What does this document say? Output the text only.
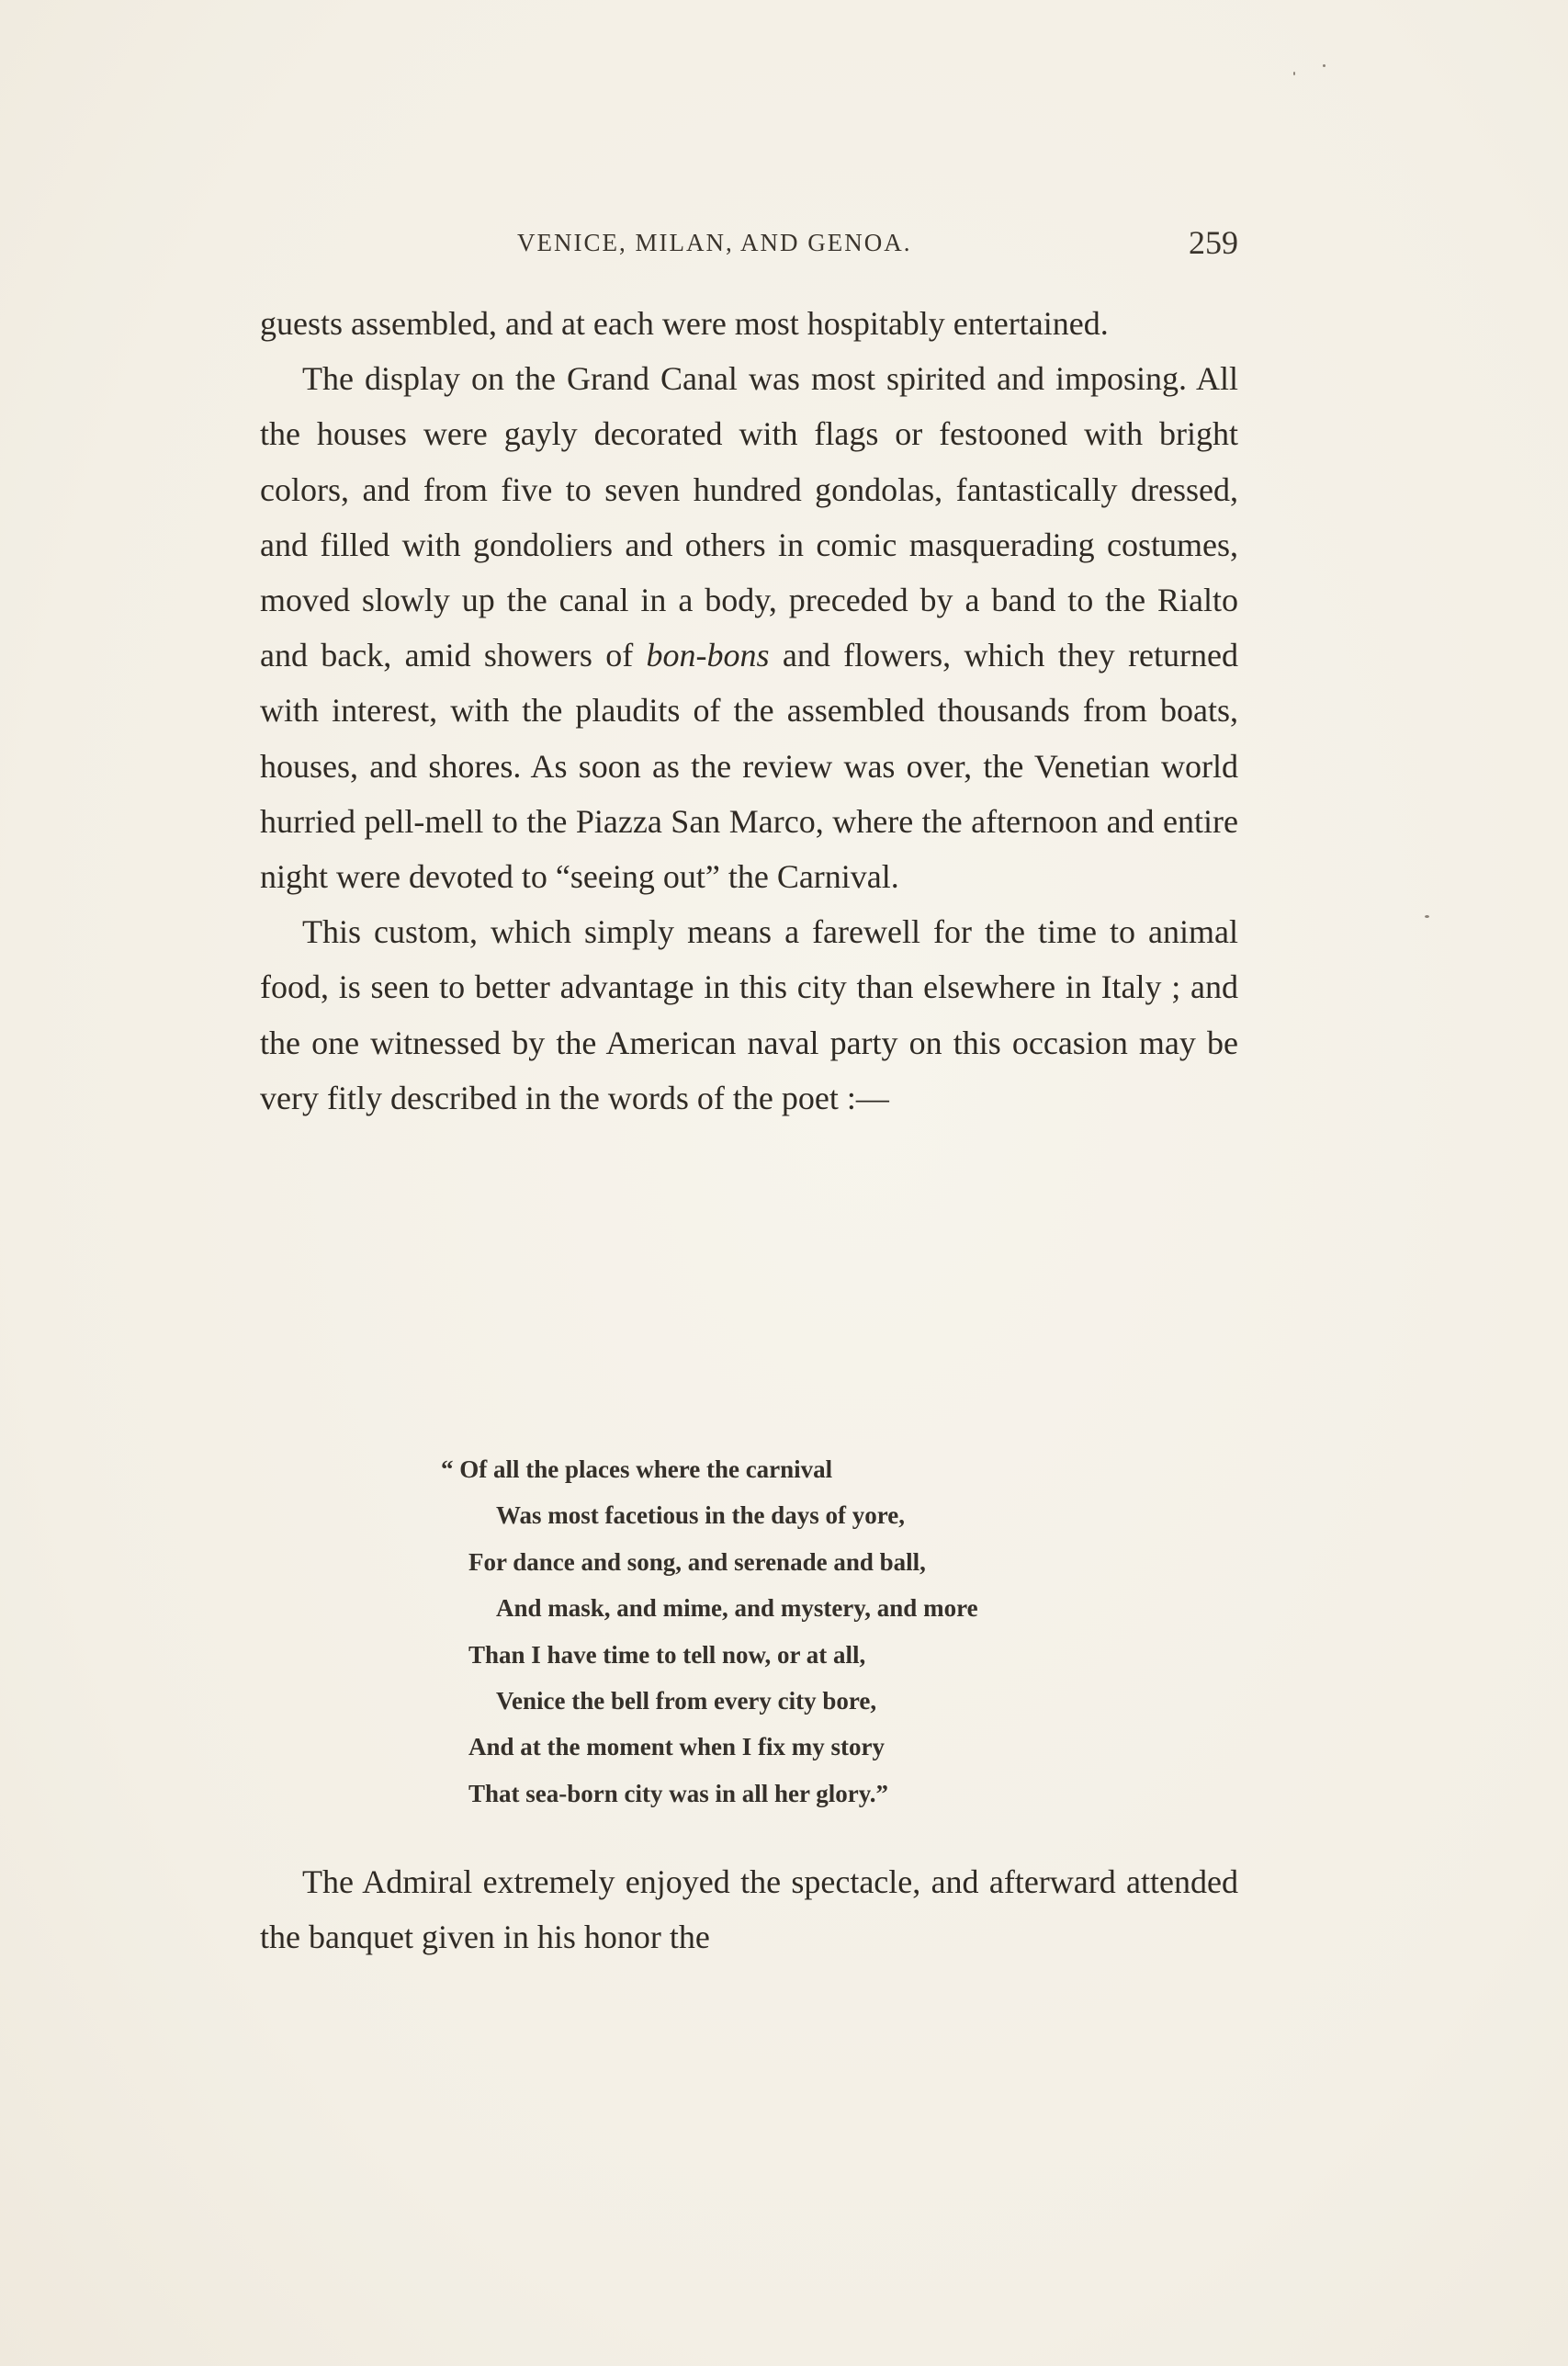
VENICE, MILAN, AND GENOA.	259

guests assembled, and at each were most hospitably entertained.

The display on the Grand Canal was most spirited and imposing. All the houses were gayly decorated with flags or festooned with bright colors, and from five to seven hundred gondolas, fantastically dressed, and filled with gondoliers and others in comic masquerading costumes, moved slowly up the canal in a body, preceded by a band to the Rialto and back, amid showers of bon-bons and flowers, which they returned with interest, with the plaudits of the assembled thousands from boats, houses, and shores. As soon as the review was over, the Venetian world hurried pell-mell to the Piazza San Marco, where the afternoon and entire night were devoted to “seeing out” the Carnival.

This custom, which simply means a farewell for the time to animal food, is seen to better advantage in this city than elsewhere in Italy ; and the one witnessed by the American naval party on this occasion may be very fitly described in the words of the poet :—

“ Of all the places where the carnival
Was most facetious in the days of yore,
For dance and song, and serenade and ball,
And mask, and mime, and mystery, and more
Than I have time to tell now, or at all,
Venice the bell from every city bore,
And at the moment when I fix my story
That sea-born city was in all her glory.”

The Admiral extremely enjoyed the spectacle, and afterward attended the banquet given in his honor the
